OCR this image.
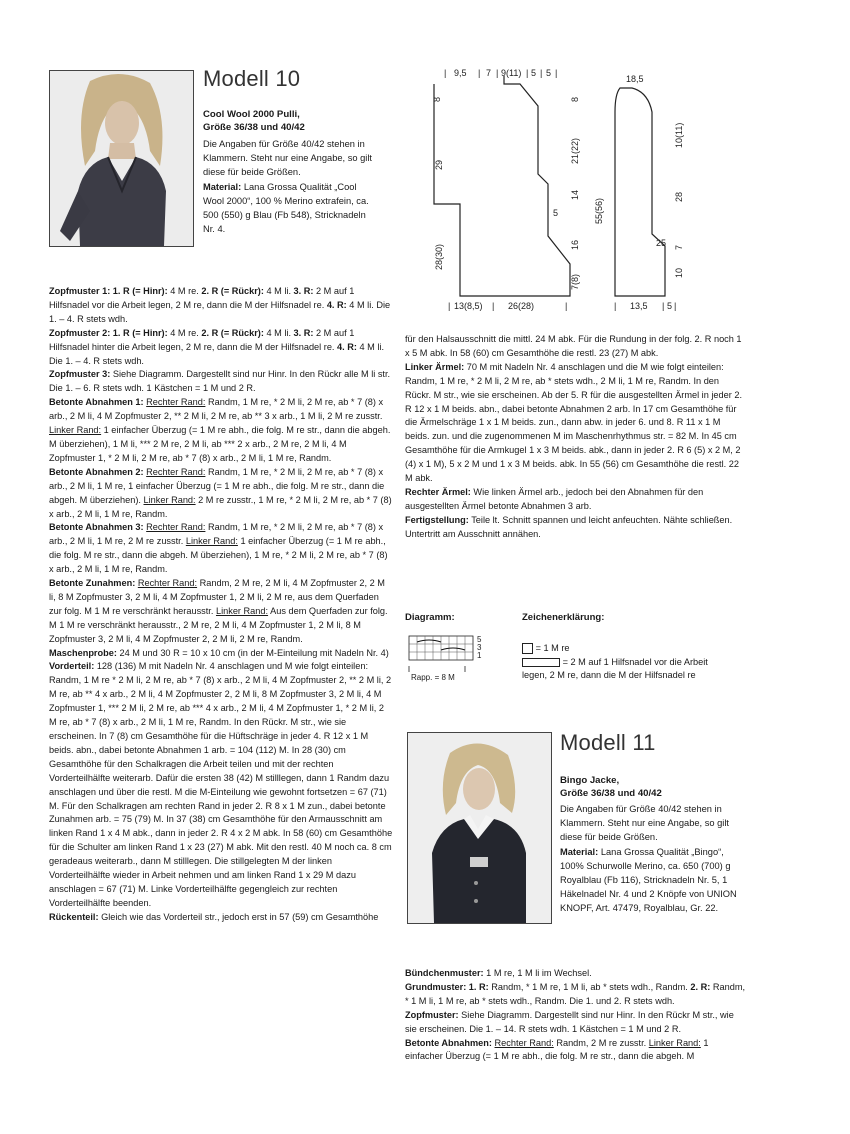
Modell 10
Cool Wool 2000 Pulli,
Größe 36/38 und 40/42

Die Angaben für Größe 40/42 stehen in Klammern. Steht nur eine Angabe, so gilt diese für beide Größen.

Material: Lana Grossa Qualität „Cool Wool 2000“, 100 % Merino extrafein, ca. 500 (550) g Blau (Fb 548), Stricknadeln Nr. 4.

Zopfmuster 1: 1. R (= Hinr): 4 M re. 2. R (= Rückr): 4 M li. 3. R: 2 M auf 1 Hilfsnadel vor die Arbeit legen, 2 M re, dann die M der Hilfsnadel re. 4. R: 4 M li. Die 1. – 4. R stets wdh.

Zopfmuster 2: 1. R (= Hinr): 4 M re. 2. R (= Rückr): 4 M li. 3. R: 2 M auf 1 Hilfsnadel hinter die Arbeit legen, 2 M re, dann die M der Hilfsnadel re. 4. R: 4 M li. Die 1. – 4. R stets wdh.

Zopfmuster 3: Siehe Diagramm. Dargestellt sind nur Hinr. In den Rückr alle M li str. Die 1. – 6. R stets wdh. 1 Kästchen = 1 M und 2 R.

Betonte Abnahmen 1: Rechter Rand: Randm, 1 M re, * 2 M li, 2 M re, ab * 7 (8) x arb., 2 M li, 4 M Zopfmuster 2, ** 2 M li, 2 M re, ab ** 3 x arb., 1 M li, 2 M re zusstr. Linker Rand: 1 einfacher Überzug (= 1 M re abh., die folg. M re str., dann die abgeh. M überziehen), 1 M li, *** 2 M re, 2 M li, ab *** 2 x arb., 2 M re, 2 M li, 4 M Zopfmuster 1, * 2 M li, 2 M re, ab * 7 (8) x arb., 2 M li, 1 M re, Randm.

Betonte Abnahmen 2: Rechter Rand: Randm, 1 M re, * 2 M li, 2 M re, ab * 7 (8) x arb., 2 M li, 1 M re, 1 einfacher Überzug (= 1 M re abh., die folg. M re str., dann die abgeh. M überziehen). Linker Rand: 2 M re zusstr., 1 M re, * 2 M li, 2 M re, ab * 7 (8) x arb., 2 M li, 1 M re, Randm.

Betonte Abnahmen 3: Rechter Rand: Randm, 1 M re, * 2 M li, 2 M re, ab * 7 (8) x arb., 2 M li, 1 M re, 2 M re zusstr. Linker Rand: 1 einfacher Überzug (= 1 M re abh., die folg. M re str., dann die abgeh. M überziehen), 1 M re, * 2 M li, 2 M re, ab * 7 (8) x arb., 2 M li, 1 M re, Randm.

Betonte Zunahmen: Rechter Rand: Randm, 2 M re, 2 M li, 4 M Zopfmuster 2, 2 M li, 8 M Zopfmuster 3, 2 M li, 4 M Zopfmuster 1, 2 M li, 2 M re, aus dem Querfaden zur folg. M 1 M re verschränkt herausstr. Linker Rand: Aus dem Querfaden zur folg. M 1 M re verschränkt herausstr., 2 M re, 2 M li, 4 M Zopfmuster 1, 2 M li, 8 M Zopfmuster 3, 2 M li, 4 M Zopfmuster 2, 2 M li, 2 M re, Randm.

Maschenprobe: 24 M und 30 R = 10 x 10 cm (in der M-Einteilung mit Nadeln Nr. 4)

Vorderteil: 128 (136) M mit Nadeln Nr. 4 anschlagen und M wie folgt einteilen: Randm, 1 M re * 2 M li, 2 M re, ab * 7 (8) x arb., 2 M li, 4 M Zopfmuster 2, ** 2 M li, 2 M re, ab ** 4 x arb., 2 M li, 4 M Zopfmuster 2, 2 M li, 8 M Zopfmuster 3, 2 M li, 4 M Zopfmuster 1, *** 2 M li, 2 M re, ab *** 4 x arb., 2 M li, 4 M Zopfmuster 1, * 2 M li, 2 M re, ab * 7 (8) x arb., 2 M li, 1 M re, Randm. In den Rückr. M str., wie sie erscheinen. In 7 (8) cm Gesamthöhe für die Hüftschräge in jeder 4. R 12 x 1 M beids. abn., dabei betonte Abnahmen 1 arb. = 104 (112) M. In 28 (30) cm Gesamthöhe für den Schalkragen die Arbeit teilen und mit der rechten Vorderteilhälfte weiterarb. Dafür die ersten 38 (42) M stilllegen, dann 1 Randm dazu anschlagen und über die restl. M die M-Einteilung wie gewohnt fortsetzen = 67 (71) M. Für den Schalkragen am rechten Rand in jeder 2. R 8 x 1 M zun., dabei betonte Zunahmen arb. = 75 (79) M. In 37 (38) cm Gesamthöhe für den Armausschnitt am linken Rand 1 x 4 M abk., dann in jeder 2. R 4 x 2 M abk. In 58 (60) cm Gesamthöhe für die Schulter am linken Rand 1 x 23 (27) M abk. Mit den restl. 40 M noch ca. 8 cm geradeaus weiterarb., dann M stilllegen. Die stillgelegten M der linken Vorderteilhälfte wieder in Arbeit nehmen und am linken Rand 1 x 29 M dazu anschlagen = 67 (71) M. Linke Vorderteilhälfte gegengleich zur rechten Vorderteilhälfte beenden.

Rückenteil: Gleich wie das Vorderteil str., jedoch erst in 57 (59) cm Gesamthöhe

9,5 7 9(11) 5 5
|	| |	| | |
8
29
28(30)
8
21(22)
14
16
7(8)
5
13(8,5)	26(28)
|	|	|
18,5
55(56)
10(11)
28
7
10
25
13,5 5
|	| |

für den Halsausschnitt die mittl. 24 M abk. Für die Rundung in der folg. 2. R noch 1 x 5 M abk. In 58 (60) cm Gesamthöhe die restl. 23 (27) M abk.

Linker Ärmel: 70 M mit Nadeln Nr. 4 anschlagen und die M wie folgt einteilen: Randm, 1 M re, * 2 M li, 2 M re, ab * stets wdh., 2 M li, 1 M re, Randm. In den Rückr. M str., wie sie erscheinen. Ab der 5. R für die ausgestellten Ärmel in jeder 2. R 12 x 1 M beids. abn., dabei betonte Abnahmen 2 arb. In 17 cm Gesamthöhe für die Ärmelschräge 1 x 1 M beids. zun., dann abw. in jeder 6. und 8. R 11 x 1 M beids. zun. und die zugenommenen M im Maschenrhythmus str. = 82 M. In 45 cm Gesamthöhe für die Armkugel 1 x 3 M beids. abk., dann in jeder 2. R 6 (5) x 2 M, 2 (4) x 1 M), 5 x 2 M und 1 x 3 M beids. abk. In 55 (56) cm Gesamthöhe die restl. 22 M abk.

Rechter Ärmel: Wie linken Ärmel arb., jedoch bei den Abnahmen für den ausgestellten Ärmel betonte Abnahmen 3 arb.

Fertigstellung: Teile lt. Schnitt spannen und leicht anfeuchten. Nähte schließen. Untertritt am Ausschnitt annähen.

Diagramm:
5
3
1
Rapp. = 8 M
Zeichenerklärung:
= 1 M re
= 2 M auf 1 Hilfsnadel vor die Arbeit
legen, 2 M re, dann die M der Hilfsnadel re
Modell 11
Bingo Jacke,
Größe 36/38 und 40/42

Die Angaben für Größe 40/42 stehen in Klammern. Steht nur eine Angabe, so gilt diese für beide Größen.

Material: Lana Grossa Qualität „Bingo“, 100% Schurwolle Merino, ca. 650 (700) g Royalblau (Fb 116), Stricknadeln Nr. 5, 1 Häkelnadel Nr. 4 und 2 Knöpfe von UNION KNOPF, Art. 47479, Royalblau, Gr. 22.

Bündchenmuster: 1 M re, 1 M li im Wechsel.

Grundmuster: 1. R: Randm, * 1 M re, 1 M li, ab * stets wdh., Randm. 2. R: Randm, * 1 M li, 1 M re, ab * stets wdh., Randm. Die 1. und 2. R stets wdh.

Zopfmuster: Siehe Diagramm. Dargestellt sind nur Hinr. In den Rückr M str., wie sie erscheinen. Die 1. – 14. R stets wdh. 1 Kästchen = 1 M und 2 R.

Betonte Abnahmen: Rechter Rand: Randm, 2 M re zusstr. Linker Rand: 1 einfacher Überzug (= 1 M re abh., die folg. M re str., dann die abgeh. M
